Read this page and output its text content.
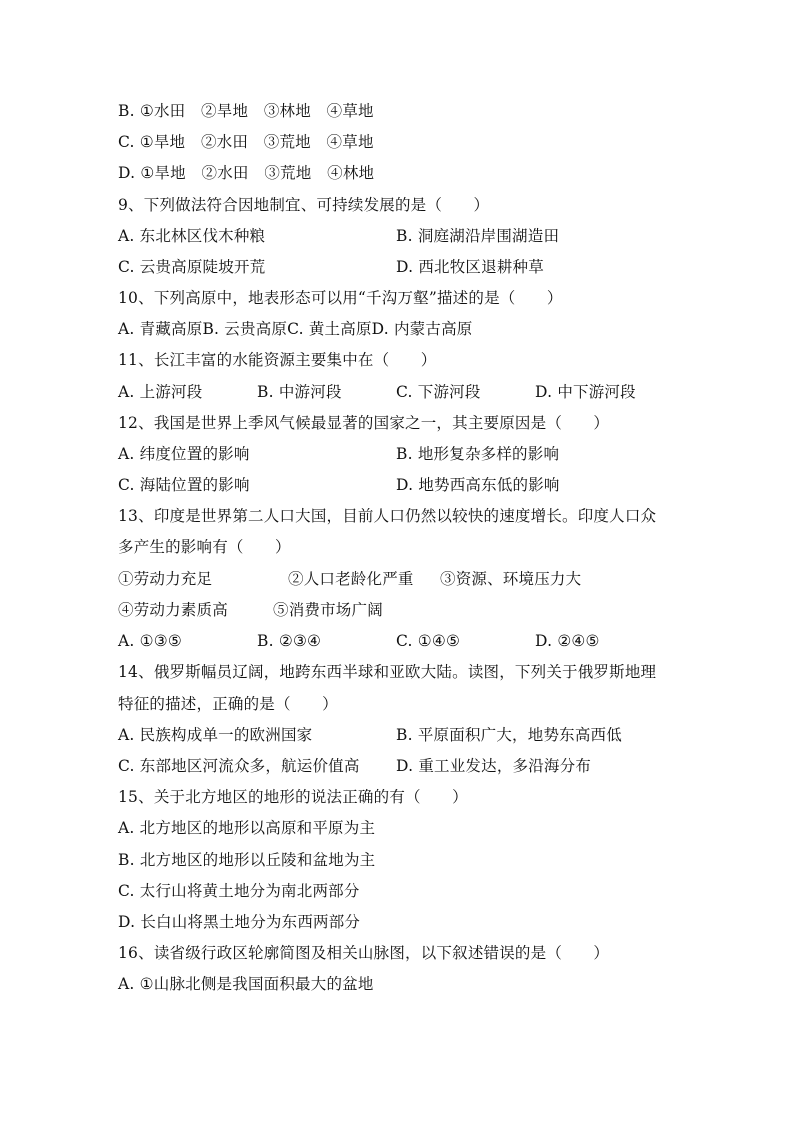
B. ①水田　②旱地　③林地　④草地
C. ①旱地　②水田　③荒地　④草地
D. ①旱地　②水田　③荒地　④林地
9、下列做法符合因地制宜、可持续发展的是（　　）
A. 东北林区伐木种粮	B. 洞庭湖沿岸围湖造田
C. 云贵高原陡坡开荒	D. 西北牧区退耕种草
10、下列高原中，地表形态可以用“千沟万壑”描述的是（　　）
A. 青藏高原B. 云贵高原C. 黄土高原D. 内蒙古高原
11、长江丰富的水能资源主要集中在（　　）
A. 上游河段	B. 中游河段	C. 下游河段	D. 中下游河段
12、我国是世界上季风气候最显著的国家之一，其主要原因是（　　）
A. 纬度位置的影响	B. 地形复杂多样的影响
C. 海陆位置的影响	D. 地势西高东低的影响
13、印度是世界第二人口大国，目前人口仍然以较快的速度增长。印度人口众
多产生的影响有（　　）
①劳动力充足	②人口老龄化严重 ③资源、环境压力大
④劳动力素质高	⑤消费市场广阔
A. ①③⑤	B. ②③④	C. ①④⑤	D. ②④⑤
14、俄罗斯幅员辽阔，地跨东西半球和亚欧大陆。读图，下列关于俄罗斯地理
特征的描述，正确的是（　　）
A. 民族构成单一的欧洲国家	B. 平原面积广大，地势东高西低
C. 东部地区河流众多，航运价值高 D. 重工业发达，多沿海分布
15、关于北方地区的地形的说法正确的有（　　）
A. 北方地区的地形以高原和平原为主
B. 北方地区的地形以丘陵和盆地为主
C. 太行山将黄土地分为南北两部分
D. 长白山将黑土地分为东西两部分
16、读省级行政区轮廓简图及相关山脉图，以下叙述错误的是（　　）
A. ①山脉北侧是我国面积最大的盆地
